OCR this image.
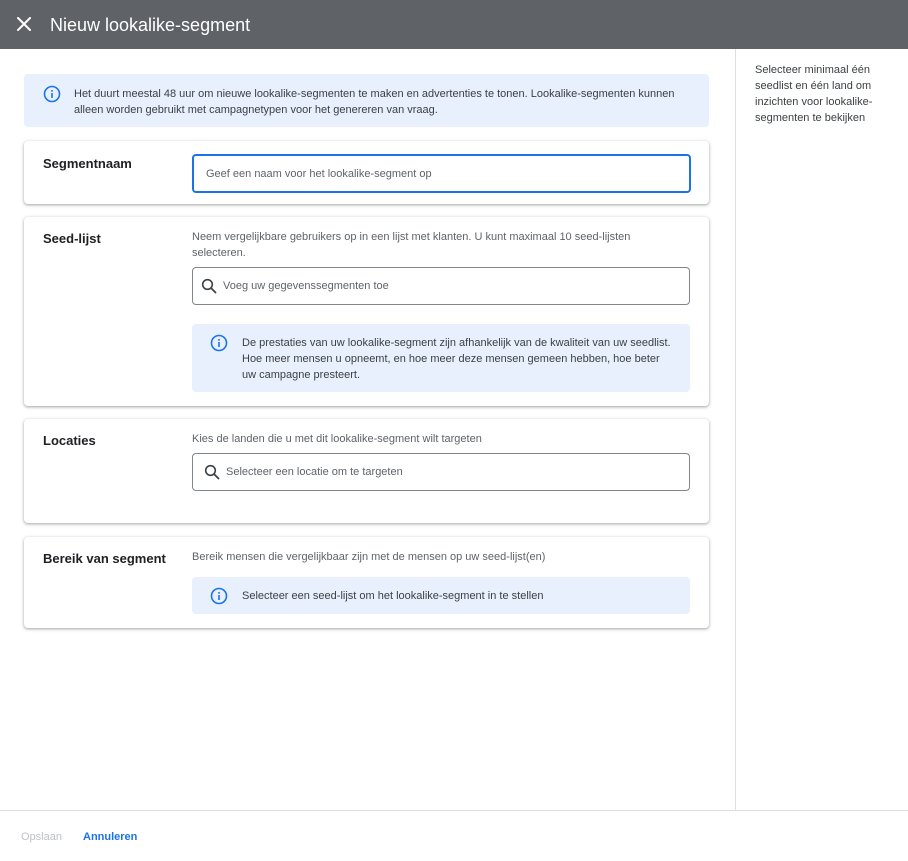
Nieuw lookalike-segment
Het duurt meestal 48 uur om nieuwe lookalike-segmenten te maken en advertenties te tonen. Lookalike-segmenten kunnen alleen worden gebruikt met campagnetypen voor het genereren van vraag.
Segmentnaam
Geef een naam voor het lookalike-segment op
Seed-lijst	Neem vergelijkbare gebruikers op in een lijst met klanten. U kunt maximaal 10 seed-lijsten selecteren.
Voeg uw gegevenssegmenten toe
De prestaties van uw lookalike-segment zijn afhankelijk van de kwaliteit van uw seedlist. Hoe meer mensen u opneemt, en hoe meer deze mensen gemeen hebben, hoe beter uw campagne presteert.
Locaties	Kies de landen die u met dit lookalike-segment wilt targeten
Selecteer een locatie om te targeten
Bereik van segment Bereik mensen die vergelijkbaar zijn met de mensen op uw seed-lijst(en)
Selecteer een seed-lijst om het lookalike-segment in te stellen
Selecteer minimaal één seedlist en één land om inzichten voor lookalike-segmenten te bekijken
Opslaan Annuleren
